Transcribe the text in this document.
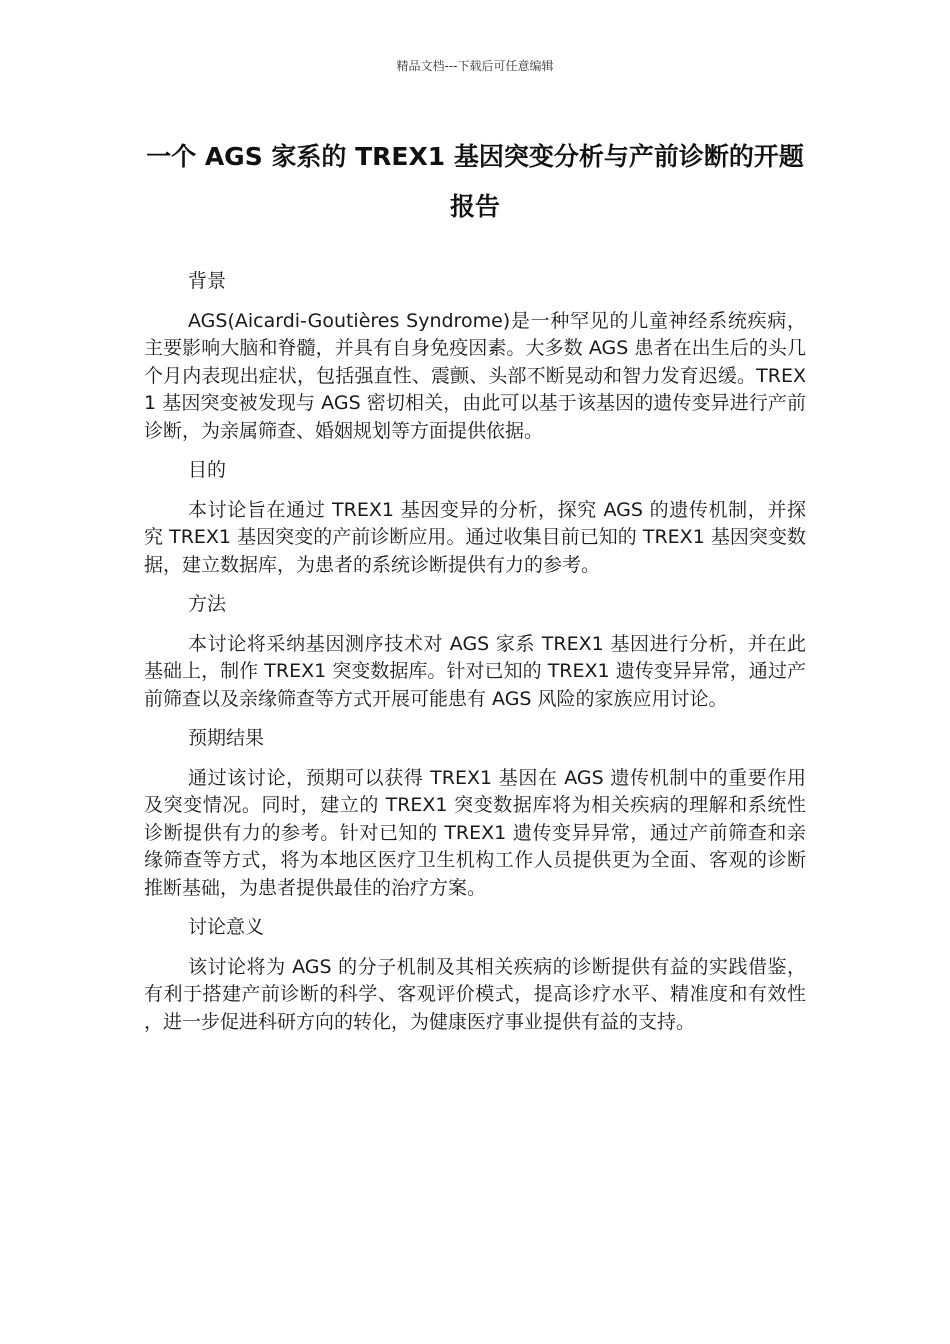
精品文档---下载后可任意编辑
一个 AGS 家系的 TREX1 基因突变分析与产前诊断的开题报告
背景

AGS(Aicardi-Goutières Syndrome)是一种罕见的儿童神经系统疾病，主要影响大脑和脊髓，并具有自身免疫因素。大多数 AGS 患者在出生后的头几个月内表现出症状，包括强直性、震颤、头部不断晃动和智力发育迟缓。TREX1 基因突变被发现与 AGS 密切相关，由此可以基于该基因的遗传变异进行产前诊断，为亲属筛查、婚姻规划等方面提供依据。

目的

本讨论旨在通过 TREX1 基因变异的分析，探究 AGS 的遗传机制，并探究 TREX1 基因突变的产前诊断应用。通过收集目前已知的 TREX1 基因突变数据，建立数据库，为患者的系统诊断提供有力的参考。

方法

本讨论将采纳基因测序技术对 AGS 家系 TREX1 基因进行分析，并在此基础上，制作 TREX1 突变数据库。针对已知的 TREX1 遗传变异异常，通过产前筛查以及亲缘筛查等方式开展可能患有 AGS 风险的家族应用讨论。

预期结果

通过该讨论，预期可以获得 TREX1 基因在 AGS 遗传机制中的重要作用及突变情况。同时，建立的 TREX1 突变数据库将为相关疾病的理解和系统性诊断提供有力的参考。针对已知的 TREX1 遗传变异异常，通过产前筛查和亲缘筛查等方式，将为本地区医疗卫生机构工作人员提供更为全面、客观的诊断推断基础，为患者提供最佳的治疗方案。

讨论意义

该讨论将为 AGS 的分子机制及其相关疾病的诊断提供有益的实践借鉴，有利于搭建产前诊断的科学、客观评价模式，提高诊疗水平、精准度和有效性，进一步促进科研方向的转化，为健康医疗事业提供有益的支持。
